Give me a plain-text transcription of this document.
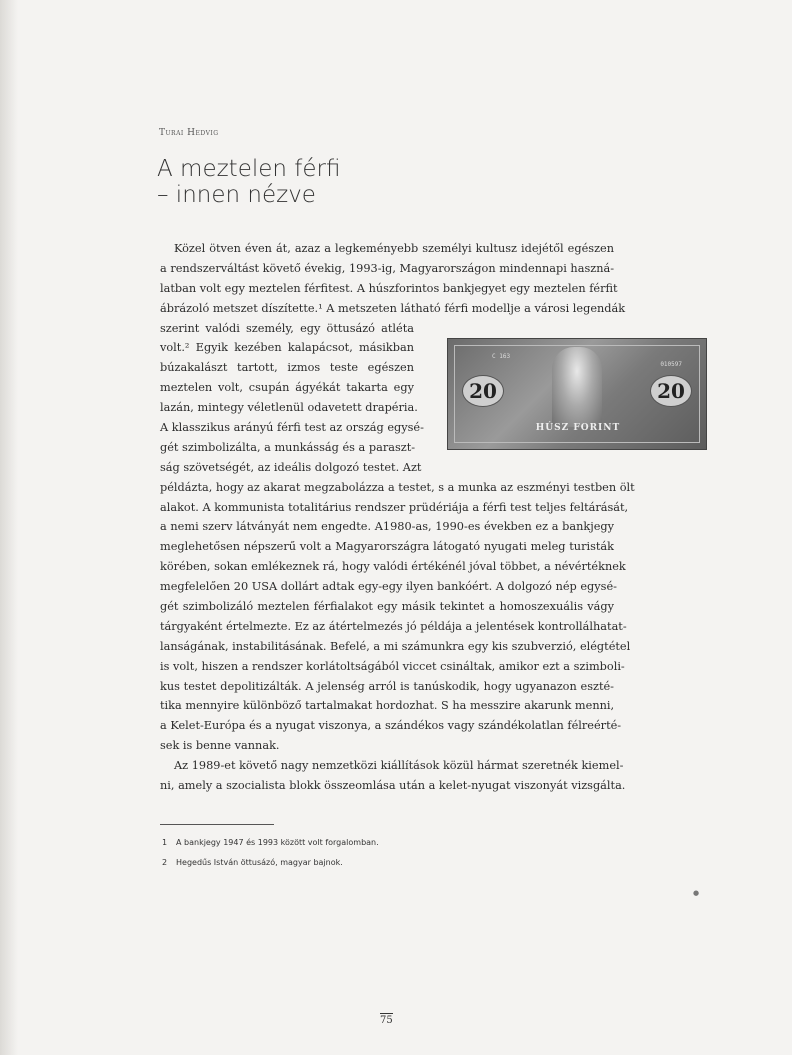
Turai Hedvig
A meztelen férfi
– innen nézve
Közel ötven éven át, azaz a legkeményebb személyi kultusz idejétől egészen
a rendszerváltást követő évekig, 1993-ig, Magyarországon mindennapi haszná-
latban volt egy meztelen férfitest. A húszforintos bankjegyet egy meztelen férfit
ábrázoló metszet díszítette.¹ A metszeten látható férfi modellje a városi legendák
szerint valódi személy, egy öttusázó atléta
volt.² Egyik kezében kalapácsot, másikban
búzakalászt tartott, izmos teste egészen
meztelen volt, csupán ágyékát takarta egy
lazán, mintegy véletlenül odavetett drapéria.
A klasszikus arányú férfi test az ország egysé-
gét szimbolizálta, a munkásság és a paraszt-
ság szövetségét, az ideális dolgozó testet. Azt
példázta, hogy az akarat megzabolázza a testet, s a munka az eszményi testben ölt
alakot. A kommunista totalitárius rendszer prüdériája a férfi test teljes feltárását,
a nemi szerv látványát nem engedte. A1980-as, 1990-es években ez a bankjegy
meglehetősen népszerű volt a Magyarországra látogató nyugati meleg turisták
körében, sokan emlékeznek rá, hogy valódi értékénél jóval többet, a névértéknek
megfelelően 20 USA dollárt adtak egy-egy ilyen bankóért. A dolgozó nép egysé-
gét szimbolizáló meztelen férfialakot egy másik tekintet a homoszexuális vágy
tárgyaként értelmezte. Ez az átértelmezés jó példája a jelentések kontrollálhatat-
lanságának, instabilitásának. Befelé, a mi számunkra egy kis szubverzió, elégtétel
is volt, hiszen a rendszer korlátoltságából viccet csináltak, amikor ezt a szimboli-
kus testet depolitizálták. A jelenség arról is tanúskodik, hogy ugyanazon eszté-
tika mennyire különböző tartalmakat hordozhat. S ha messzire akarunk menni,
a Kelet-Európa és a nyugat viszonya, a szándékos vagy szándékolatlan félreérté-
sek is benne vannak.
Az 1989-et követő nagy nemzetközi kiállítások közül hármat szeretnék kiemel-
ni, amely a szocialista blokk összeomlása után a kelet-nyugat viszonyát vizsgálta.
C 163
010597
20	20
HÚSZ FORINT
1 A bankjegy 1947 és 1993 között volt forgalomban.
2 Hegedűs István öttusázó, magyar bajnok.
●
75
